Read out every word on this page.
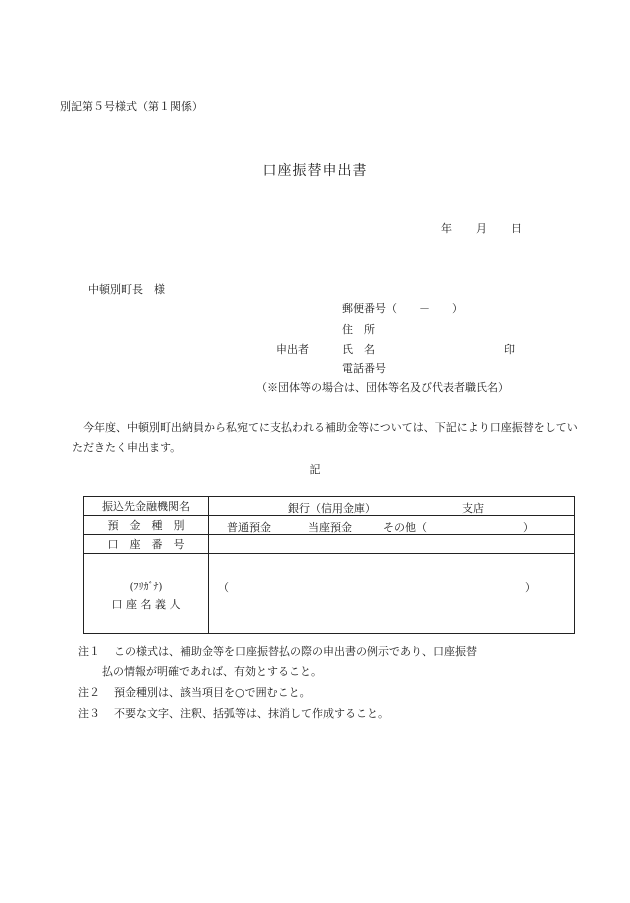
別記第５号様式（第１関係）
口座振替申出書
年 月 日
中頓別町長　様
郵便番号（　　－　　）
住　所
申出者	氏　名	印
電話番号
（※団体等の場合は、団体等名及び代表者職氏名）
今年度、中頓別町出納員から私宛てに支払われる補助金等については、下記により口座振替をしていただきたく申出ます。
記
振込先金融機関名	銀行（信用金庫） 支店

預　金　種　別	普通預金 当座預金 その他（ ）

口　座　番　号	

(ﾌﾘｶﾞﾅ)
口 座 名 義 人	（ ）
注１ この様式は、補助金等を口座振替払の際の申出書の例示であり、口座振替
払の情報が明確であれば、有効とすること。
注２ 預金種別は、該当項目を○で囲むこと。
注３ 不要な文字、注釈、括弧等は、抹消して作成すること。
